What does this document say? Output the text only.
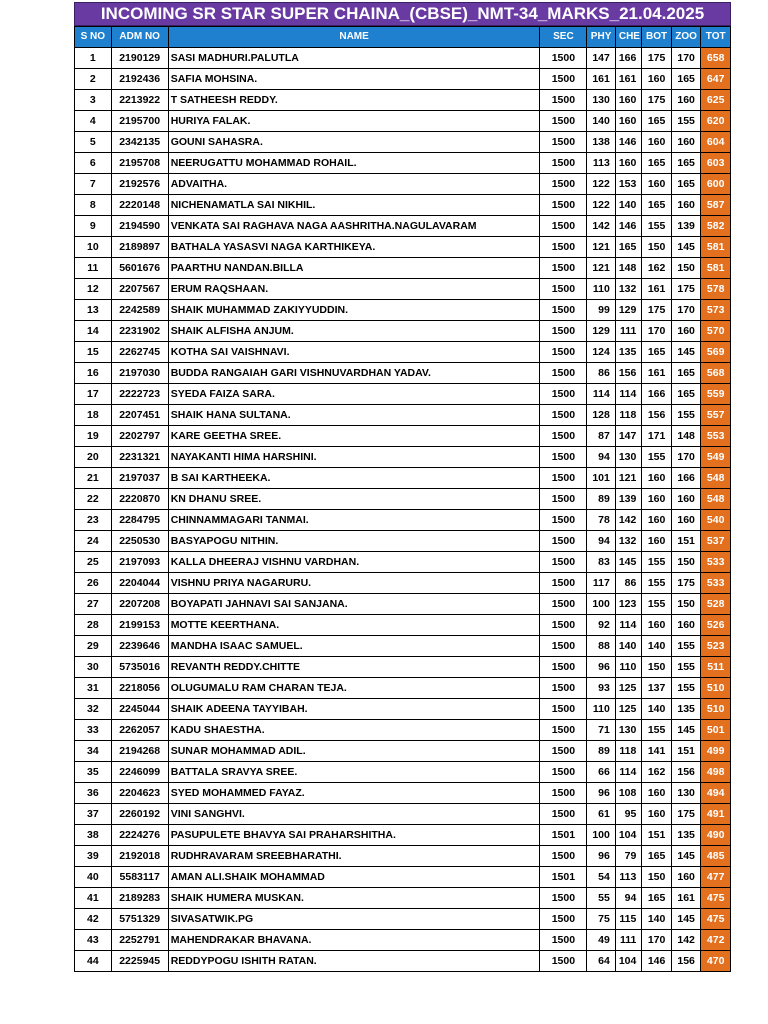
INCOMING SR STAR SUPER CHAINA_(CBSE)_NMT-34_MARKS_21.04.2025
S NO	ADM NO	NAME	SEC	PHY	CHE	BOT	ZOO	TOT
1	2190129	SASI MADHURI.PALUTLA	1500	147	166	175	170	658
2	2192436	SAFIA MOHSINA.	1500	161	161	160	165	647
3	2213922	T SATHEESH REDDY.	1500	130	160	175	160	625
4	2195700	HURIYA FALAK.	1500	140	160	165	155	620
5	2342135	GOUNI SAHASRA.	1500	138	146	160	160	604
6	2195708	NEERUGATTU MOHAMMAD ROHAIL.	1500	113	160	165	165	603
7	2192576	ADVAITHA.	1500	122	153	160	165	600
8	2220148	NICHENAMATLA SAI NIKHIL.	1500	122	140	165	160	587
9	2194590	VENKATA SAI RAGHAVA NAGA AASHRITHA.NAGULAVARAM	1500	142	146	155	139	582
10	2189897	BATHALA YASASVI NAGA KARTHIKEYA.	1500	121	165	150	145	581
11	5601676	PAARTHU NANDAN.BILLA	1500	121	148	162	150	581
12	2207567	ERUM RAQSHAAN.	1500	110	132	161	175	578
13	2242589	SHAIK MUHAMMAD ZAKIYYUDDIN.	1500	99	129	175	170	573
14	2231902	SHAIK ALFISHA ANJUM.	1500	129	111	170	160	570
15	2262745	KOTHA SAI VAISHNAVI.	1500	124	135	165	145	569
16	2197030	BUDDA RANGAIAH GARI VISHNUVARDHAN YADAV.	1500	86	156	161	165	568
17	2222723	SYEDA FAIZA SARA.	1500	114	114	166	165	559
18	2207451	SHAIK HANA SULTANA.	1500	128	118	156	155	557
19	2202797	KARE GEETHA SREE.	1500	87	147	171	148	553
20	2231321	NAYAKANTI HIMA HARSHINI.	1500	94	130	155	170	549
21	2197037	B SAI KARTHEEKA.	1500	101	121	160	166	548
22	2220870	KN DHANU SREE.	1500	89	139	160	160	548
23	2284795	CHINNAMMAGARI TANMAI.	1500	78	142	160	160	540
24	2250530	BASYAPOGU NITHIN.	1500	94	132	160	151	537
25	2197093	KALLA DHEERAJ VISHNU VARDHAN.	1500	83	145	155	150	533
26	2204044	VISHNU PRIYA NAGARURU.	1500	117	86	155	175	533
27	2207208	BOYAPATI JAHNAVI SAI SANJANA.	1500	100	123	155	150	528
28	2199153	MOTTE KEERTHANA.	1500	92	114	160	160	526
29	2239646	MANDHA ISAAC SAMUEL.	1500	88	140	140	155	523
30	5735016	REVANTH REDDY.CHITTE	1500	96	110	150	155	511
31	2218056	OLUGUMALU RAM CHARAN TEJA.	1500	93	125	137	155	510
32	2245044	SHAIK ADEENA TAYYIBAH.	1500	110	125	140	135	510
33	2262057	KADU SHAESTHA.	1500	71	130	155	145	501
34	2194268	SUNAR MOHAMMAD ADIL.	1500	89	118	141	151	499
35	2246099	BATTALA SRAVYA SREE.	1500	66	114	162	156	498
36	2204623	SYED MOHAMMED FAYAZ.	1500	96	108	160	130	494
37	2260192	VINI SANGHVI.	1500	61	95	160	175	491
38	2224276	PASUPULETE BHAVYA SAI PRAHARSHITHA.	1501	100	104	151	135	490
39	2192018	RUDHRAVARAM SREEBHARATHI.	1500	96	79	165	145	485
40	5583117	AMAN ALI.SHAIK MOHAMMAD	1501	54	113	150	160	477
41	2189283	SHAIK HUMERA MUSKAN.	1500	55	94	165	161	475
42	5751329	SIVASATWIK.PG	1500	75	115	140	145	475
43	2252791	MAHENDRAKAR BHAVANA.	1500	49	111	170	142	472
44	2225945	REDDYPOGU ISHITH RATAN.	1500	64	104	146	156	470
